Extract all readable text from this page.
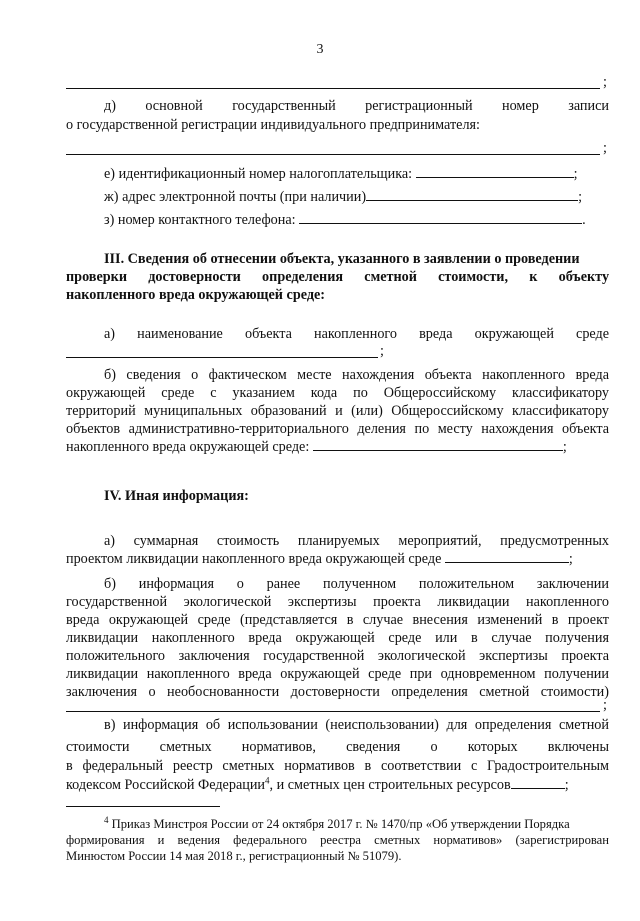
3
;
д) основной государственный регистрационный номер записи
о государственной регистрации индивидуального предпринимателя:
;
е) идентификационный номер налогоплательщика:	;
ж) адрес электронной почты (при наличии)	;
з) номер контактного телефона:	.
III. Сведения об отнесении объекта, указанного в заявлении о проведении
проверки достоверности определения сметной стоимости, к объекту
накопленного вреда окружающей среде:
а) наименование объекта накопленного вреда окружающей среде
;
б) сведения о фактическом месте нахождения объекта накопленного вреда
окружающей среде с указанием кода по Общероссийскому классификатору
территорий муниципальных образований и (или) Общероссийскому классификатору
объектов административно-территориального деления по месту нахождения объекта
накопленного вреда окружающей среде:	;
IV. Иная информация:
а) суммарная стоимость планируемых мероприятий, предусмотренных
проектом ликвидации накопленного вреда окружающей среде	;
б) информация о ранее полученном положительном заключении
государственной экологической экспертизы проекта ликвидации накопленного
вреда окружающей среде (представляется в случае внесения изменений в проект
ликвидации накопленного вреда окружающей среде или в случае получения
положительного заключения государственной экологической экспертизы проекта
ликвидации накопленного вреда окружающей среде при одновременном получении
заключения о необоснованности достоверности определения сметной стоимости)
;
в) информация об использовании (неиспользовании) для определения сметной
стоимости сметных нормативов, сведения о которых включены
в федеральный реестр сметных нормативов в соответствии с Градостроительным
кодексом Российской Федерации$^4$, и сметных цен строительных ресурсов	;
$^4$ Приказ Минстроя России от 24 октября 2017 г. № 1470/пр «Об утверждении Порядка
формирования и ведения федерального реестра сметных нормативов» (зарегистрирован
Минюстом России 14 мая 2018 г., регистрационный № 51079).
